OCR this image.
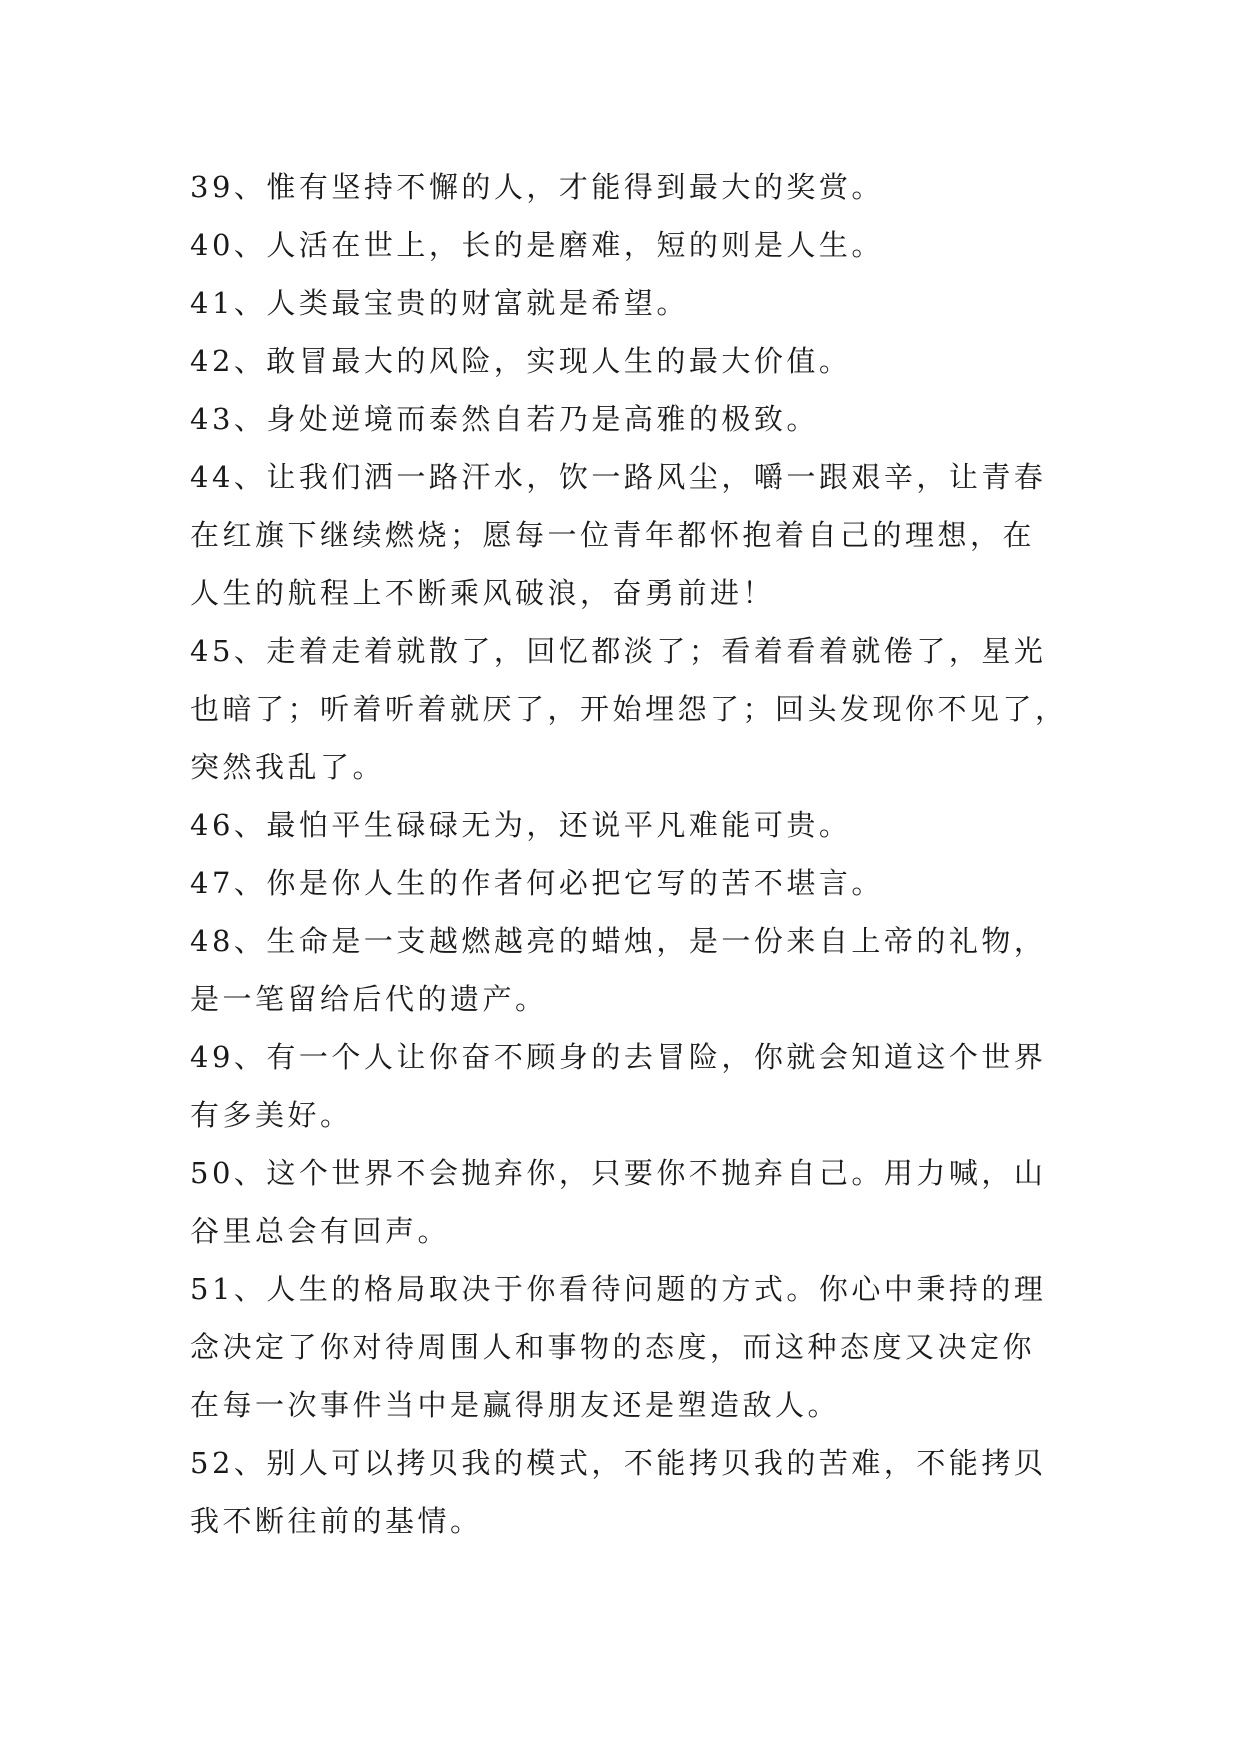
39、惟有坚持不懈的人，才能得到最大的奖赏。
40、人活在世上，长的是磨难，短的则是人生。
41、人类最宝贵的财富就是希望。
42、敢冒最大的风险，实现人生的最大价值。
43、身处逆境而泰然自若乃是高雅的极致。
44、让我们洒一路汗水，饮一路风尘，嚼一跟艰辛，让青春
在红旗下继续燃烧；愿每一位青年都怀抱着自己的理想，在
人生的航程上不断乘风破浪，奋勇前进！
45、走着走着就散了，回忆都淡了；看着看着就倦了，星光
也暗了；听着听着就厌了，开始埋怨了；回头发现你不见了，
突然我乱了。
46、最怕平生碌碌无为，还说平凡难能可贵。
47、你是你人生的作者何必把它写的苦不堪言。
48、生命是一支越燃越亮的蜡烛，是一份来自上帝的礼物，
是一笔留给后代的遗产。
49、有一个人让你奋不顾身的去冒险，你就会知道这个世界
有多美好。
50、这个世界不会抛弃你，只要你不抛弃自己。用力喊，山
谷里总会有回声。
51、人生的格局取决于你看待问题的方式。你心中秉持的理
念决定了你对待周围人和事物的态度，而这种态度又决定你
在每一次事件当中是赢得朋友还是塑造敌人。
52、别人可以拷贝我的模式，不能拷贝我的苦难，不能拷贝
我不断往前的基情。
